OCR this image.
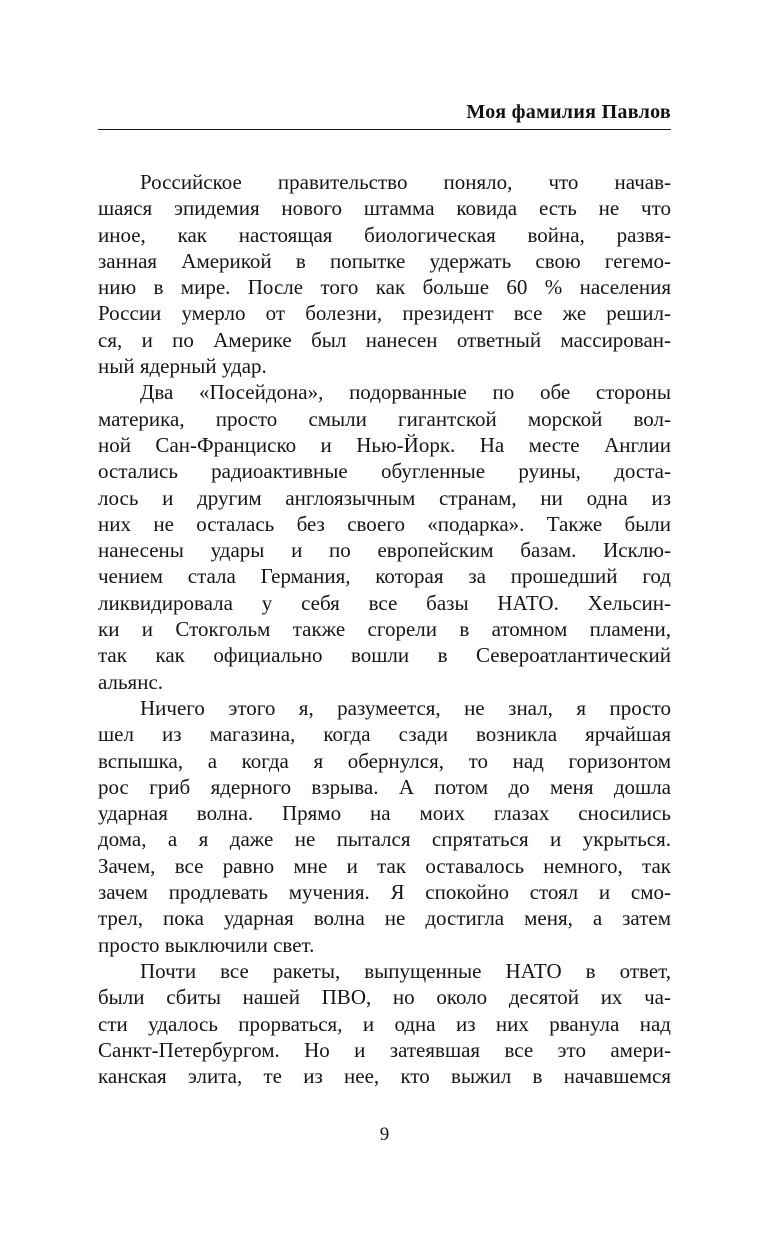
Моя фамилия Павлов
Российское правительство поняло, что начав-
шаяся эпидемия нового штамма ковида есть не что
иное, как настоящая биологическая война, развя-
занная Америкой в попытке удержать свою гегемо-
нию в мире. После того как больше 60 % населения
России умерло от болезни, президент все же решил-
ся, и по Америке был нанесен ответный массирован-
ный ядерный удар.
Два «Посейдона», подорванные по обе стороны
материка, просто смыли гигантской морской вол-
ной Сан-Франциско и Нью-Йорк. На месте Англии
остались радиоактивные обугленные руины, доста-
лось и другим англоязычным странам, ни одна из
них не осталась без своего «подарка». Также были
нанесены удары и по европейским базам. Исклю-
чением стала Германия, которая за прошедший год
ликвидировала у себя все базы НАТО. Хельсин-
ки и Стокгольм также сгорели в атомном пламени,
так как официально вошли в Североатлантический
альянс.
Ничего этого я, разумеется, не знал, я просто
шел из магазина, когда сзади возникла ярчайшая
вспышка, а когда я обернулся, то над горизонтом
рос гриб ядерного взрыва. А потом до меня дошла
ударная волна. Прямо на моих глазах сносились
дома, а я даже не пытался спрятаться и укрыться.
Зачем, все равно мне и так оставалось немного, так
зачем продлевать мучения. Я спокойно стоял и смо-
трел, пока ударная волна не достигла меня, а затем
просто выключили свет.
Почти все ракеты, выпущенные НАТО в ответ,
были сбиты нашей ПВО, но около десятой их ча-
сти удалось прорваться, и одна из них рванула над
Санкт-Петербургом. Но и затеявшая все это амери-
канская элита, те из нее, кто выжил в начавшемся
9
